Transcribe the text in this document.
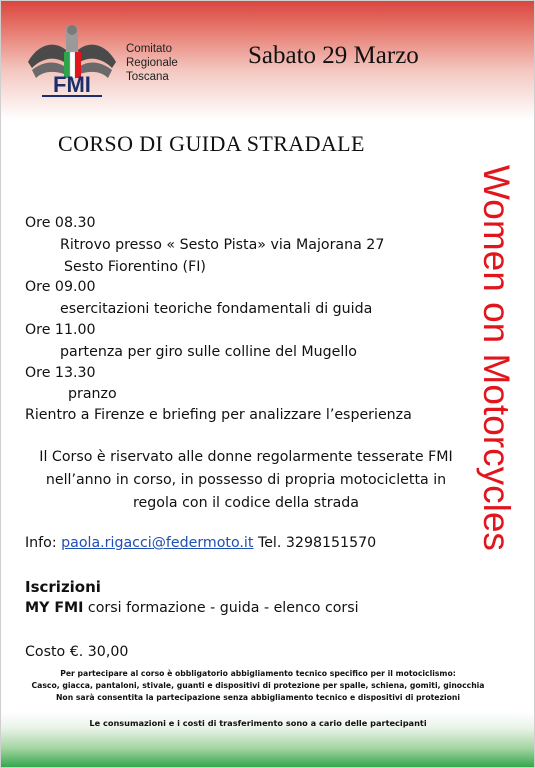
FMI
Comitato
Regionale
Toscana
Sabato 29 Marzo
CORSO DI GUIDA STRADALE
Women on Motorcycles
Ore 08.30
Ritrovo presso « Sesto Pista» via Majorana 27
Sesto Fiorentino (FI)
Ore 09.00
esercitazioni teoriche fondamentali di guida
Ore 11.00
partenza per giro sulle colline del Mugello
Ore 13.30
pranzo
Rientro a Firenze e briefing per analizzare l’esperienza
Il Corso è riservato alle donne regolarmente tesserate FMI
nell’anno in corso, in possesso di propria motocicletta in
regola con il codice della strada
Info: paola.rigacci@federmoto.it Tel. 3298151570
Iscrizioni
MY FMI corsi formazione - guida - elenco corsi
Costo €. 30,00
Per partecipare al corso è obbligatorio abbigliamento tecnico specifico per il motociclismo:
Casco, giacca, pantaloni, stivale, guanti e dispositivi di protezione per spalle, schiena, gomiti, ginocchia
Non sarà consentita la partecipazione senza abbigliamento tecnico e dispositivi di protezioni
Le consumazioni e i costi di trasferimento sono a cario delle partecipanti
